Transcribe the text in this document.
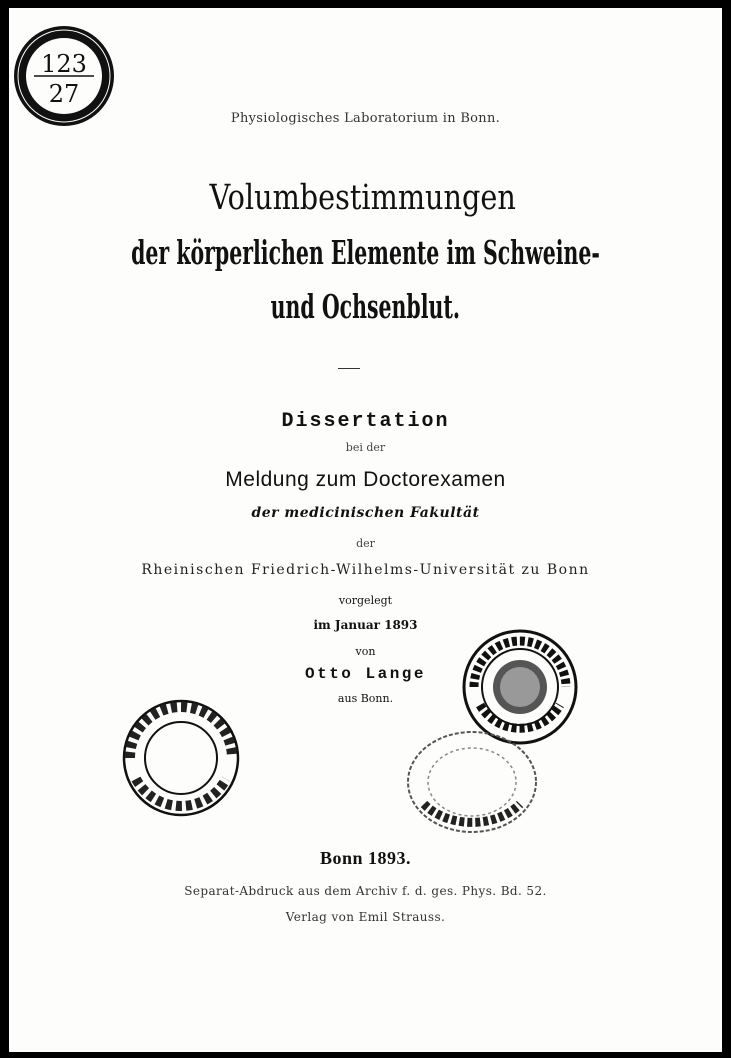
123
27
Physiologisches Laboratorium in Bonn.
Volumbestimmungen
der körperlichen Elemente im Schweine-
und Ochsenblut.
Dissertation
bei der
Meldung zum Doctorexamen
der medicinischen Fakultät
der
Rheinischen Friedrich-Wilhelms-Universität zu Bonn
vorgelegt
im Januar 1893
von
Otto Lange
aus Bonn.
Bonn 1893.
Separat-Abdruck aus dem Archiv f. d. ges. Phys. Bd. 52.
Verlag von Emil Strauss.
